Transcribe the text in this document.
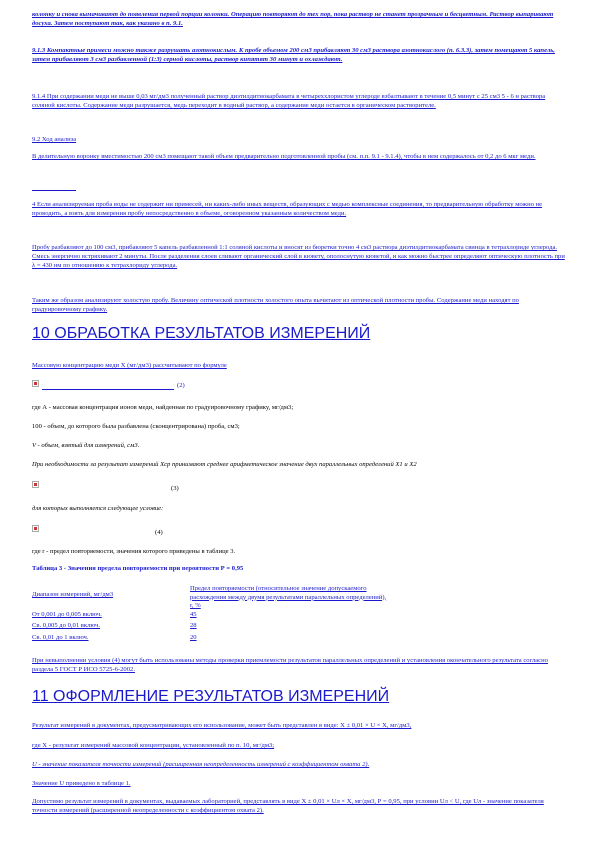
колонку и снова вымачивают до появления первой порции колонки. Операцию повторяют до тех пор, пока раствор не станет прозрачным и бесцветным. Раствор выпаривают досуха. Затем поступают так, как указано в п. 9.1.

9.1.3 Компактные примеси можно также разрушать азотнокислым. К пробе объемом 200 см3 прибавляют 30 см3 раствора азотнокислого (п. 6.3.3), затем помещают 5 капель, затем прибавляют 3 см3 разбавленной (1:3) серной кислоты, раствор кипятят 30 минут и охлаждают.

9.1.4 При содержании меди не выше 0,03 мг/дм3 полученный раствор диэтилдитиокарбамата в четыреххлористом углероде взбалтывают в течение 0,5 минут с 25 см3 5 - 6 н раствора соляной кислоты. Содержание меди разрушается, медь переходит в водный раствор, а содержание меди остается в органическом растворителе.

9.2 Ход анализа

В делительную воронку вместимостью 200 см3 помещают такой объем предварительно подготовленной пробы (см. п.п. 9.1 - 9.1.4), чтобы в нем содержалось от 0,2 до 6 мкг меди.

4 Если анализируемая проба воды не содержит ни примесей, ни каких-либо иных веществ, образующих с медью комплексные соединения, то предварительную обработку можно не проводить, а взять для измерения пробу непосредственно в объеме, оговоренном указанным количеством меди.

Пробу разбавляют до 100 см3, прибавляют 5 капель разбавленной 1:1 соляной кислоты и вносят из бюретки точно 4 см3 раствора диэтилдитиокарбамата свинца в тетрахлориде углерода. Смесь энергично встряхивают 2 минуты. После разделения слоев сливают органический слой в кювету, ополоснутую кюветой, и как можно быстрее определяют оптическую плотность при λ = 430 нм по отношению к тетрахлориду углерода.

Таким же образом анализируют холостую пробу. Величину оптической плотности холостого опыта вычитают из оптической плотности пробы. Содержание меди находят по градуировочному графику.

10 ОБРАБОТКА РЕЗУЛЬТАТОВ ИЗМЕРЕНИЙ

Массовую концентрацию меди X (мг/дм3) рассчитывают по формуле

(2)

где А - массовая концентрация ионов меди, найденная по градуировочному графику, мг/дм3;

100 - объем, до которого была разбавлена (сконцентрирована) проба, см3;

V - объем, взятый для измерений, см3.

При необходимости за результат измерений Хср принимают среднее арифметическое значение двух параллельных определений Х1 и Х2

(3)

для которых выполняется следующее условие:

(4)

где r - предел повторяемости, значения которого приведены в таблице 3.

Таблица 3 - Значения предела повторяемости при вероятности Р = 0,95

Диапазон измерений, мг/дм3
Предел повторяемости (относительное значение допускаемого расхождения между двумя результатами параллельных определений), r, %
От 0,001 до 0,005 включ.	45
Св. 0,005 до 0,01 включ.	28
Св. 0,01 до 1 включ.	20

При невыполнении условия (4) могут быть использованы методы проверки приемлемости результатов параллельных определений и установления окончательного результата согласно раздела 5 ГОСТ Р ИСО 5725-6-2002.

11 ОФОРМЛЕНИЕ РЕЗУЛЬТАТОВ ИЗМЕРЕНИЙ

Результат измерений в документах, предусматривающих его использование, может быть представлен в виде: Х ± 0,01 × U × Х, мг/дм3,

где Х - результат измерений массовой концентрации, установленный по п. 10, мг/дм3;

U - значение показателя точности измерений (расширенная неопределенность измерений с коэффициентом охвата 2).

Значение U приведено в таблице 1.

Допустимо результат измерений в документах, выдаваемых лабораторией, представлять в виде Х ± 0,01 × Uл × Х, мг/дм3, Р = 0,95, при условии Uл < U, где Uл - значение показателя точности измерений (расширенной неопределенности с коэффициентом охвата 2).
